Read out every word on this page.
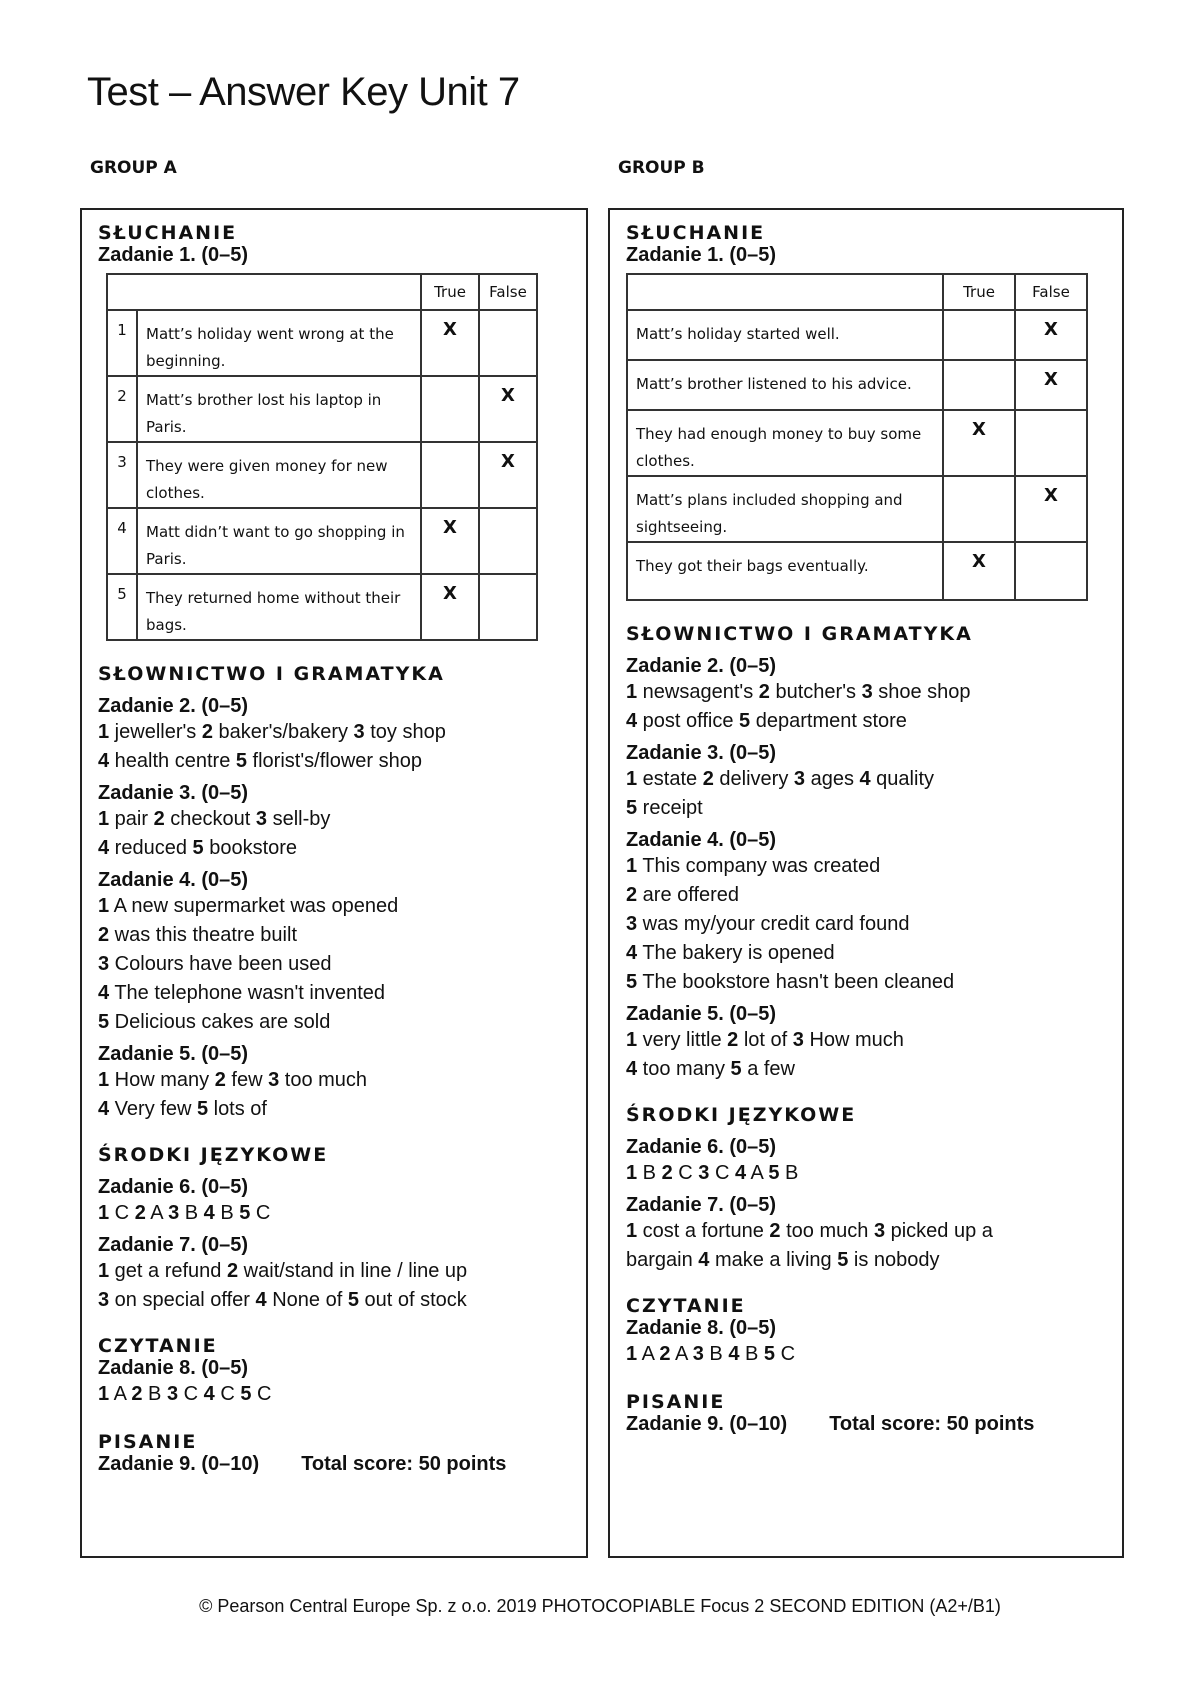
Test – Answer Key Unit 7
GROUP A	GROUP B
SŁUCHANIE
Zadanie 1. (0–5)
		True	False
1	Matt’s holiday went wrong at the beginning.	X	
2	Matt’s brother lost his laptop in Paris.		X
3	They were given money for new clothes.		X
4	Matt didn’t want to go shopping in Paris.	X	
5	They returned home without their bags.	X	
SŁOWNICTWO I GRAMATYKA
Zadanie 2. (0–5)
1 jeweller's 2 baker's/bakery 3 toy shop
4 health centre 5 florist's/flower shop
Zadanie 3. (0–5)
1 pair 2 checkout 3 sell-by
4 reduced 5 bookstore
Zadanie 4. (0–5)
1 A new supermarket was opened
2 was this theatre built
3 Colours have been used
4 The telephone wasn't invented
5 Delicious cakes are sold
Zadanie 5. (0–5)
1 How many 2 few 3 too much
4 Very few 5 lots of
ŚRODKI JĘZYKOWE
Zadanie 6. (0–5)
1 C 2 A 3 B 4 B 5 C
Zadanie 7. (0–5)
1 get a refund 2 wait/stand in line / line up
3 on special offer 4 None of 5 out of stock
CZYTANIE
Zadanie 8. (0–5)
1 A 2 B 3 C 4 C 5 C
PISANIE
Zadanie 9. (0–10) Total score: 50 points
SŁUCHANIE
Zadanie 1. (0–5)
	True	False
Matt’s holiday started well.		X
Matt’s brother listened to his advice.		X
They had enough money to buy some clothes.	X	
Matt’s plans included shopping and sightseeing.		X
They got their bags eventually.	X	
SŁOWNICTWO I GRAMATYKA
Zadanie 2. (0–5)
1 newsagent's 2 butcher's 3 shoe shop
4 post office 5 department store
Zadanie 3. (0–5)
1 estate 2 delivery 3 ages 4 quality
5 receipt
Zadanie 4. (0–5)
1 This company was created
2 are offered
3 was my/your credit card found
4 The bakery is opened
5 The bookstore hasn't been cleaned
Zadanie 5. (0–5)
1 very little 2 lot of 3 How much
4 too many 5 a few
ŚRODKI JĘZYKOWE
Zadanie 6. (0–5)
1 B 2 C 3 C 4 A 5 B
Zadanie 7. (0–5)
1 cost a fortune 2 too much 3 picked up a
bargain 4 make a living 5 is nobody
CZYTANIE
Zadanie 8. (0–5)
1 A 2 A 3 B 4 B 5 C
PISANIE
Zadanie 9. (0–10) Total score: 50 points
© Pearson Central Europe Sp. z o.o. 2019 PHOTOCOPIABLE Focus 2 SECOND EDITION (A2+/B1)
